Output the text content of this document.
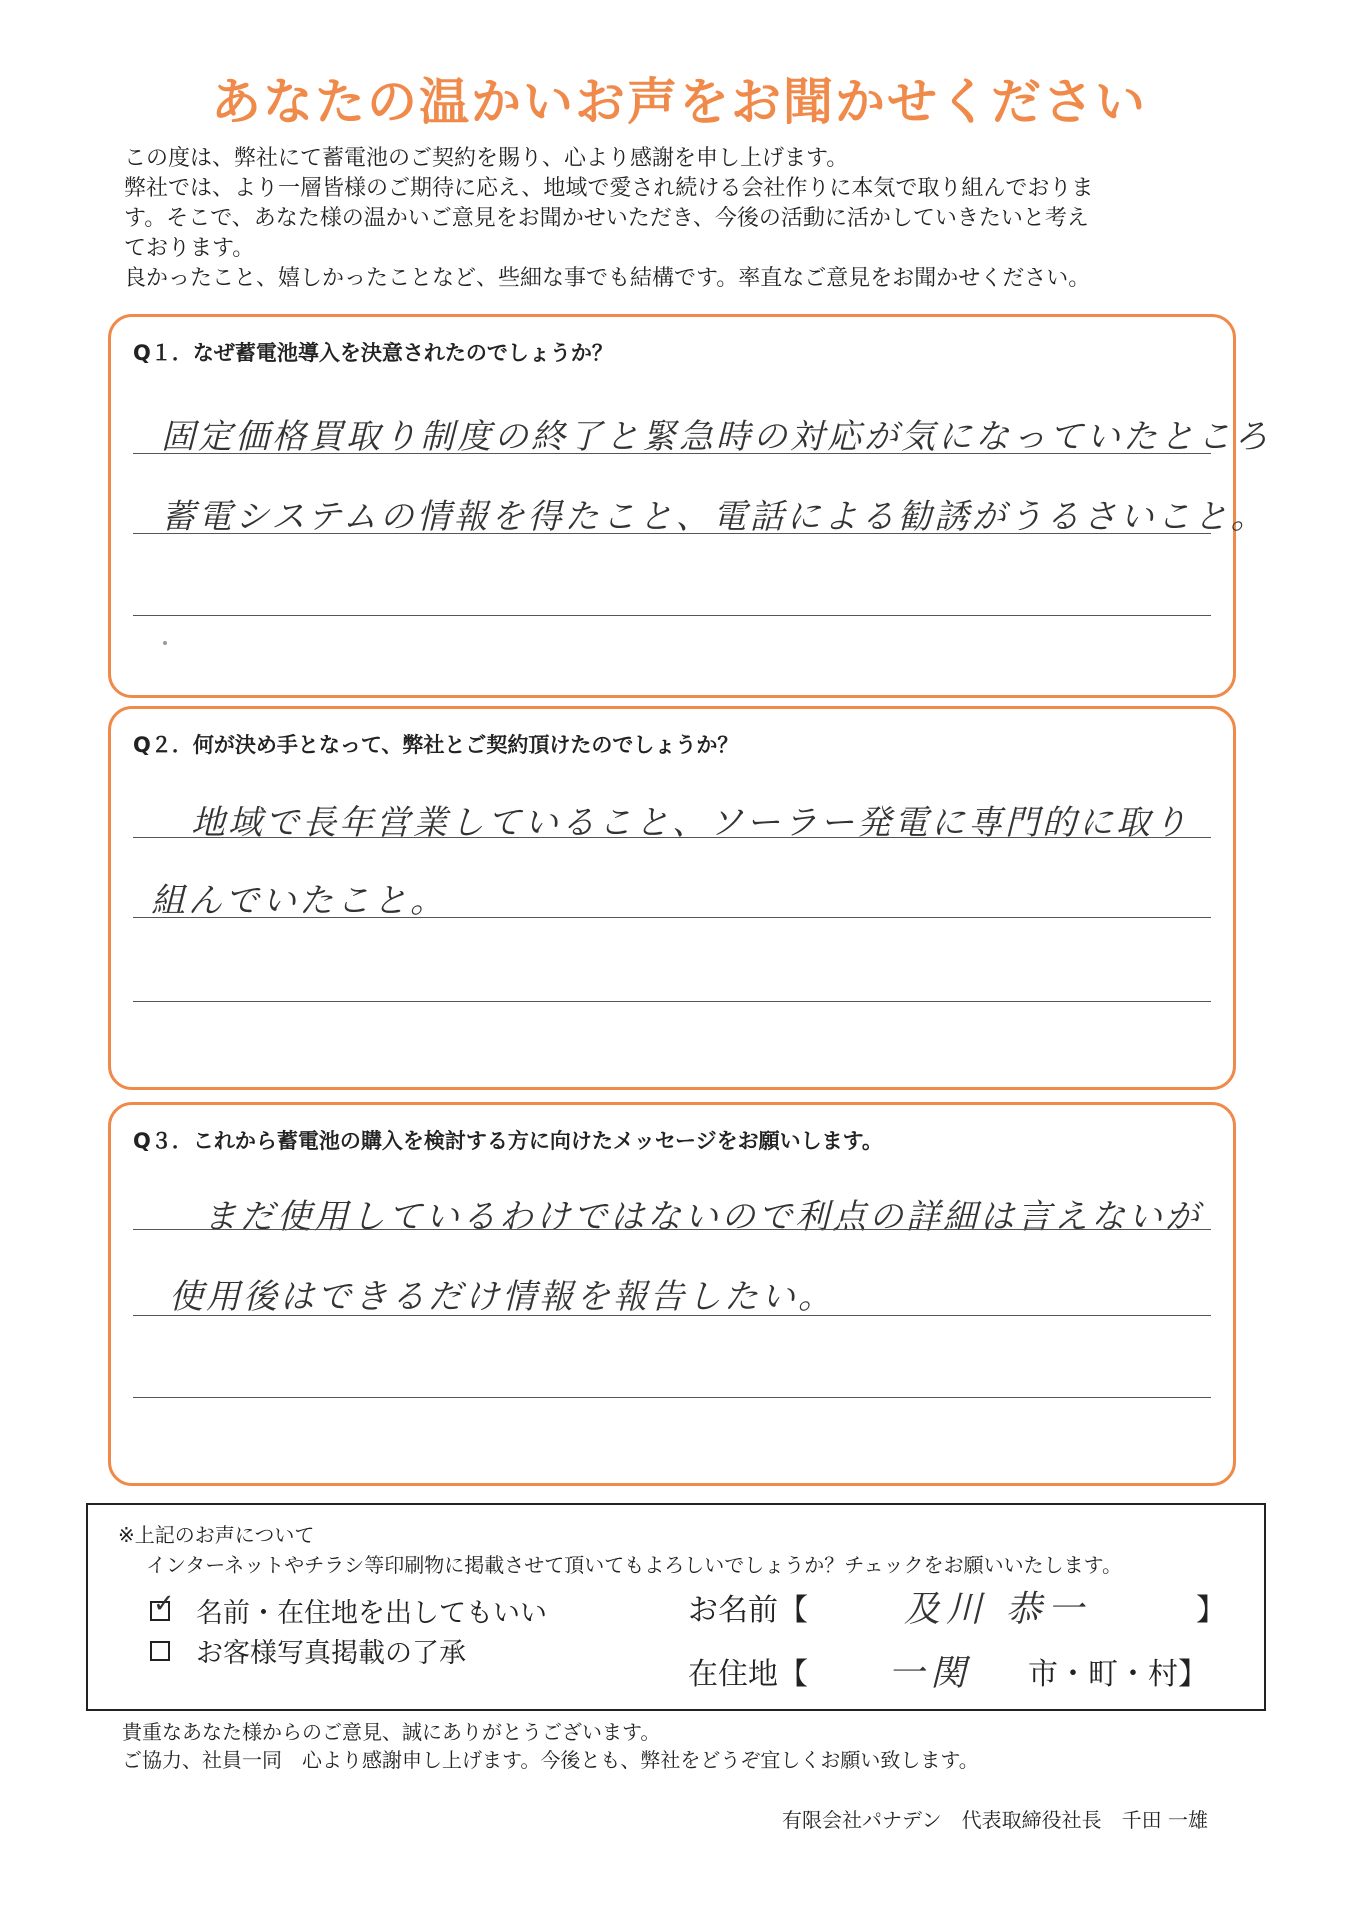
あなたの温かいお声をお聞かせください

この度は、弊社にて蓄電池のご契約を賜り、心より感謝を申し上げます。

弊社では、より一層皆様のご期待に応え、地域で愛され続ける会社作りに本気で取り組んでおりま

す。そこで、あなた様の温かいご意見をお聞かせいただき、今後の活動に活かしていきたいと考え

ております。

良かったこと、嬉しかったことなど、些細な事でも結構です。率直なご意見をお聞かせください。

Q１．なぜ蓄電池導入を決意されたのでしょうか？
固定価格買取り制度の終了と緊急時の対応が気になっていたところ
蓄電システムの情報を得たこと、電話による勧誘がうるさいこと。
Q２．何が決め手となって、弊社とご契約頂けたのでしょうか？
地域で長年営業していること、ソーラー発電に専門的に取り
組んでいたこと。
Q３．これから蓄電池の購入を検討する方に向けたメッセージをお願いします。
まだ使用しているわけではないので利点の詳細は言えないが
使用後はできるだけ情報を報告したい。
※上記のお声について
インターネットやチラシ等印刷物に掲載させて頂いてもよろしいでしょうか？チェックをお願いいたします。
✓ 名前・在住地を出してもいい
お客様写真掲載の了承
お名前【	及川 恭一	】
在住地【 一関 市・町・村】

貴重なあなた様からのご意見、誠にありがとうございます。

ご協力、社員一同　心より感謝申し上げます。今後とも、弊社をどうぞ宜しくお願い致します。

有限会社パナデン　代表取締役社長　千田 一雄
